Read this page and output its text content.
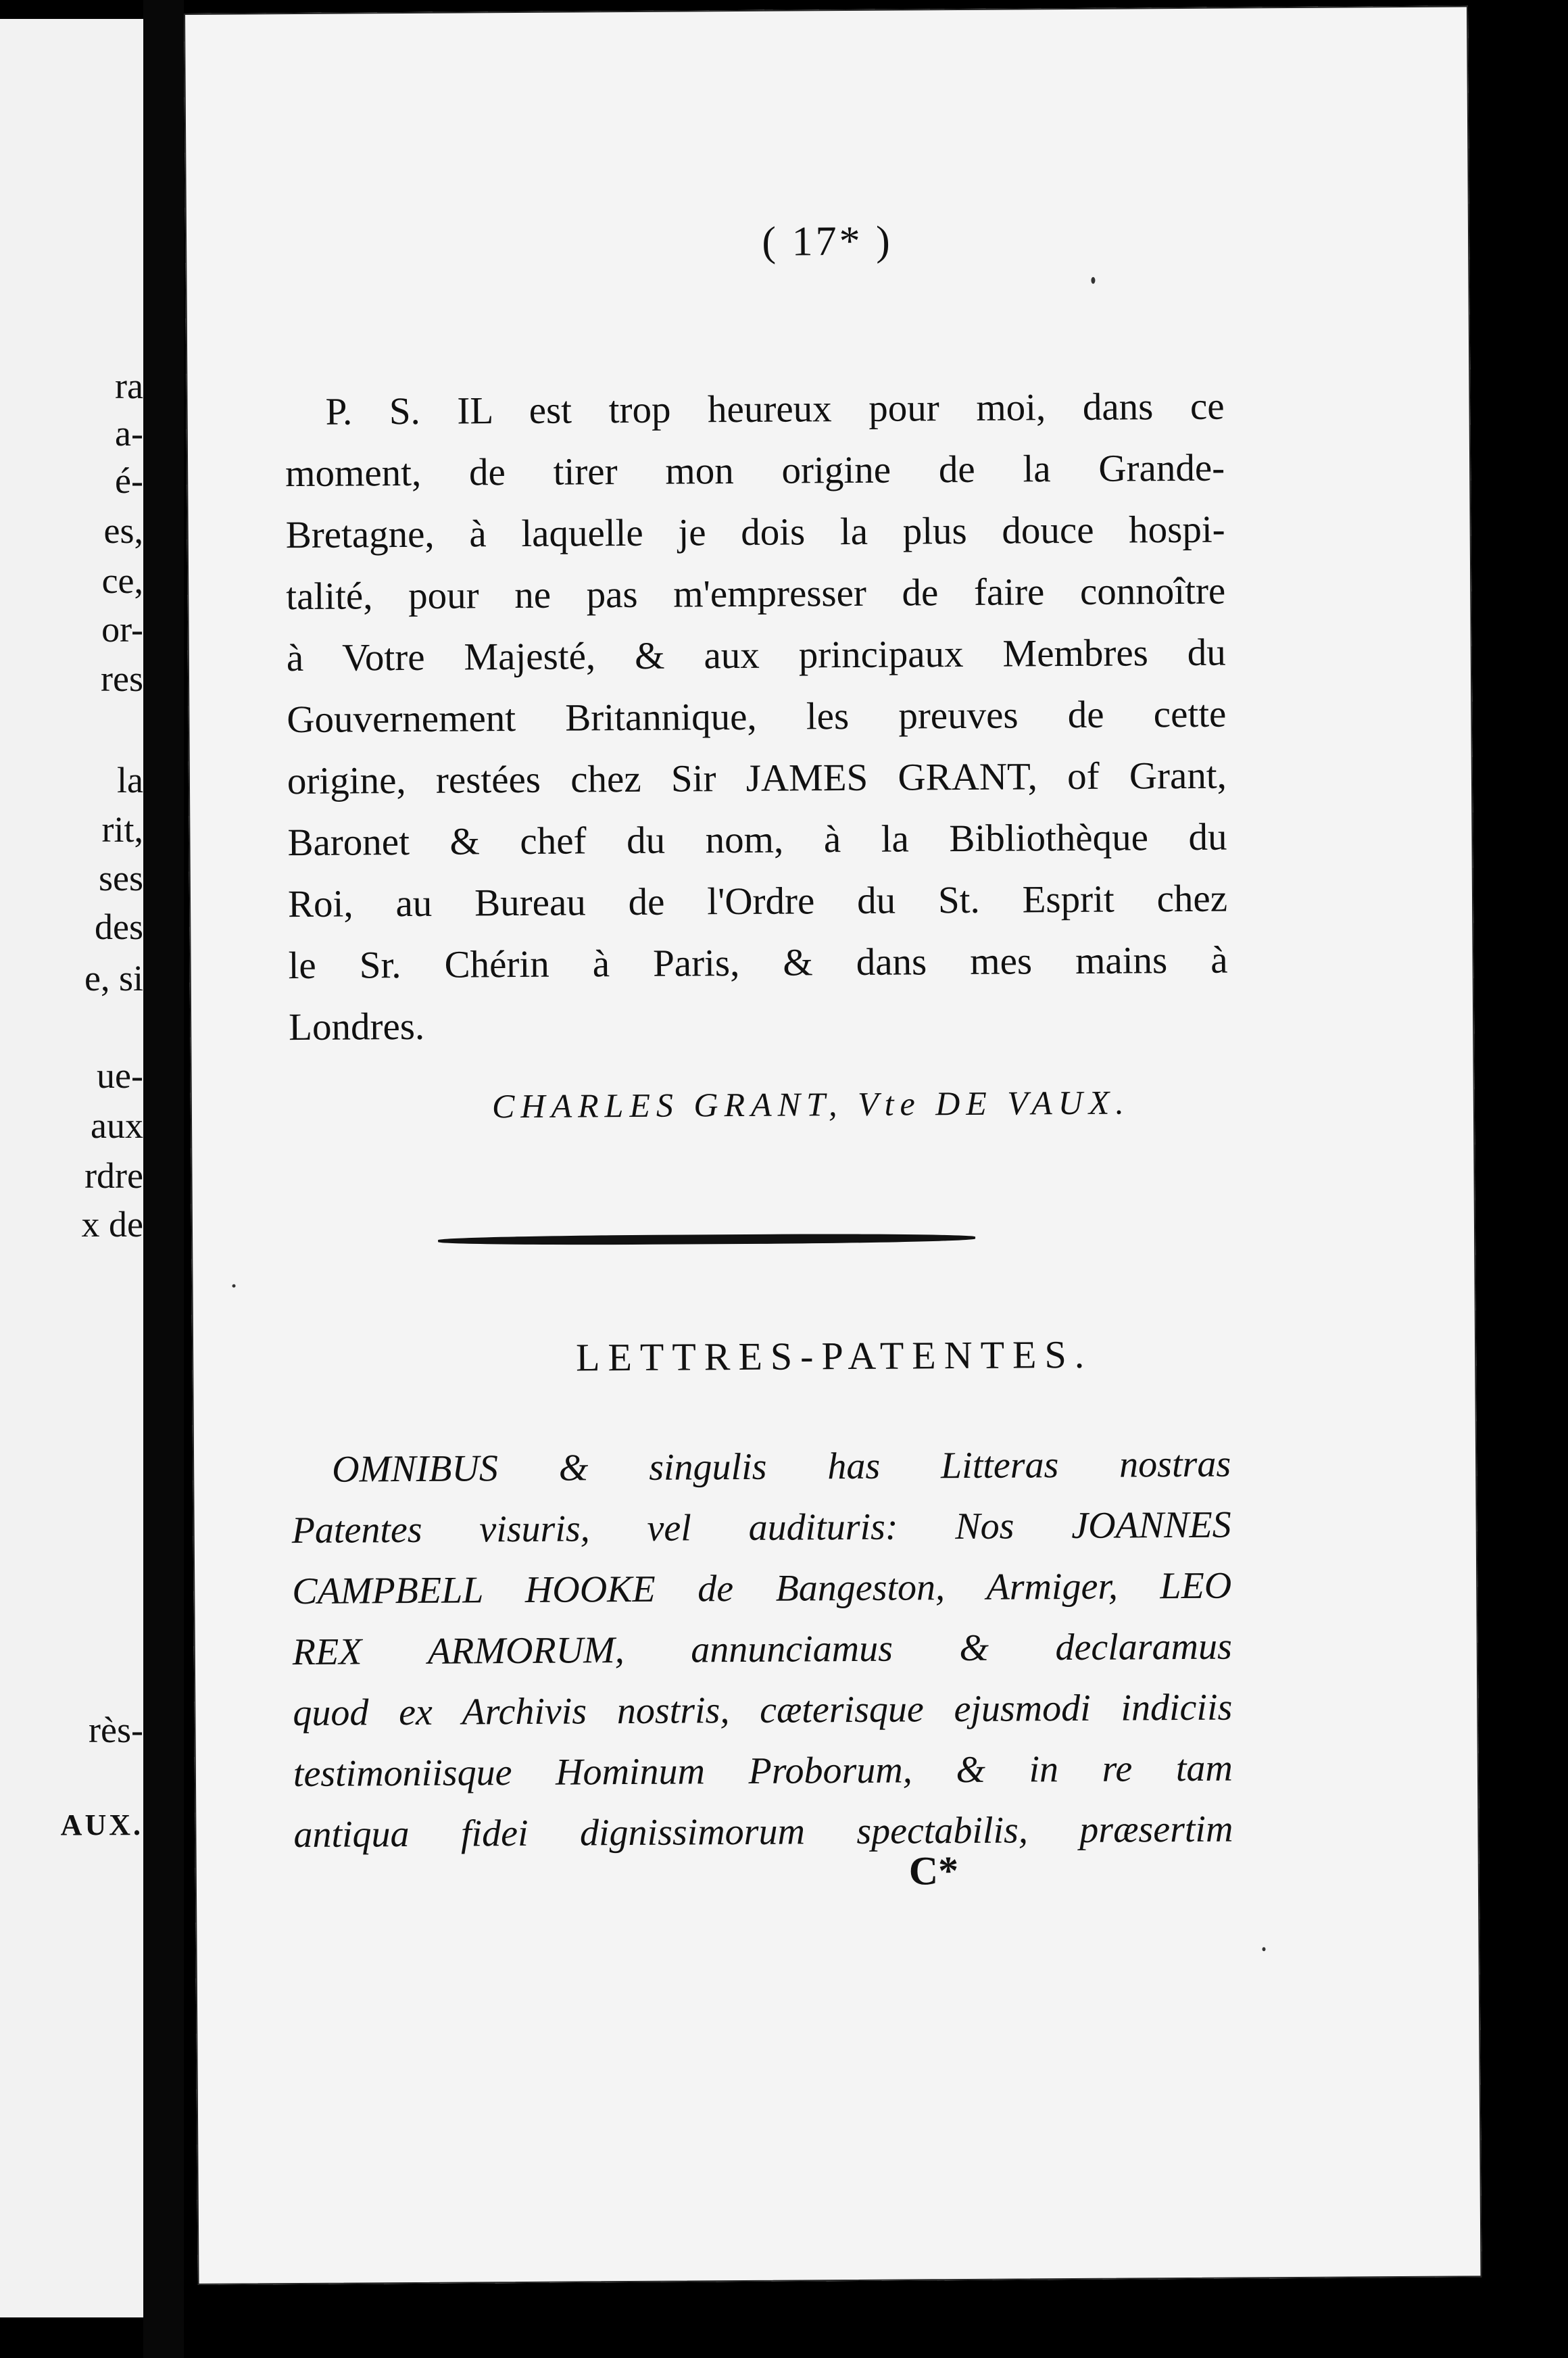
ra
a-
é-
es,
ce,
or-
res
la
rit,
ses
des
e, si
ue-
aux
rdre
x de
rès-
AUX.
( 17* )
P. S. IL est trop heureux pour moi, dans ce
moment, de tirer mon origine de la Grande-
Bretagne, à laquelle je dois la plus douce hospi-
talité, pour ne pas m'empresser de faire connoître
à Votre Majesté, & aux principaux Membres du
Gouvernement Britannique, les preuves de cette
origine, restées chez Sir JAMES GRANT, of Grant,
Baronet & chef du nom, à la Bibliothèque du
Roi, au Bureau de l'Ordre du St. Esprit chez
le Sr. Chérin à Paris, & dans mes mains à
Londres.
CHARLES GRANT, Vte DE VAUX.
LETTRES-PATENTES.
OMNIBUS & singulis has Litteras nostras
Patentes visuris, vel audituris: Nos JOANNES
CAMPBELL HOOKE de Bangeston, Armiger, LEO
REX ARMORUM, annunciamus & declaramus
quod ex Archivis nostris, cæterisque ejusmodi indiciis
testimoniisque Hominum Proborum, & in re tam
antiqua fidei dignissimorum spectabilis, præsertim
C*
